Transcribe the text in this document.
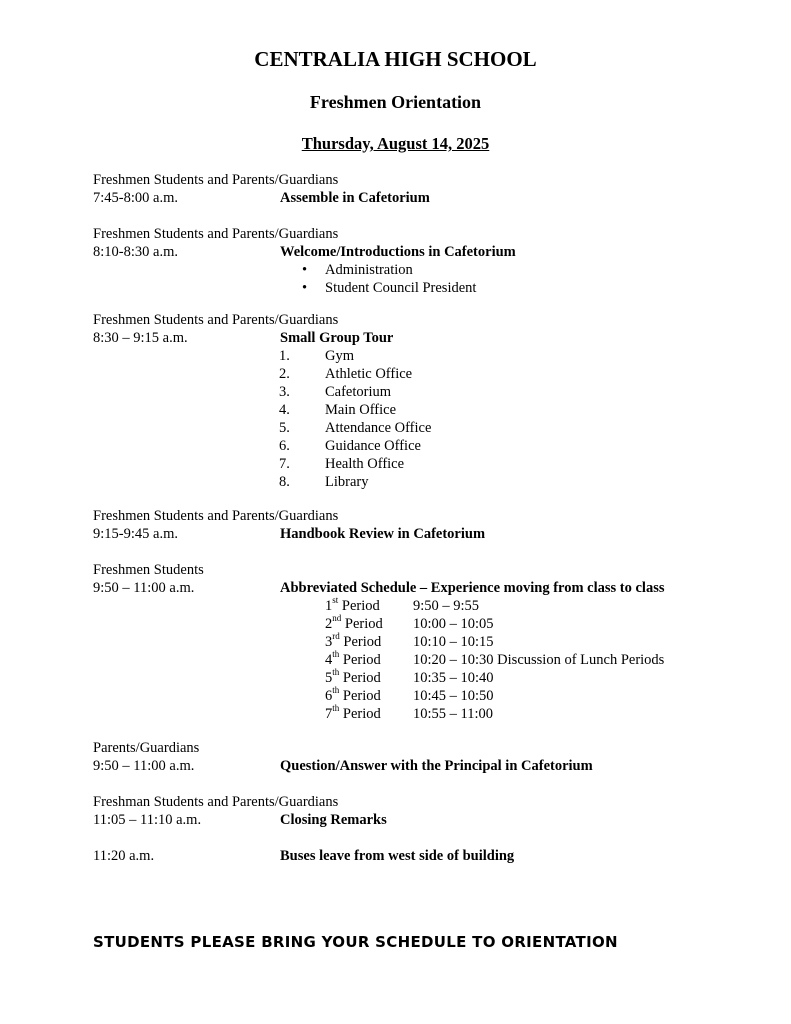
CENTRALIA HIGH SCHOOL
Freshmen Orientation
Thursday, August 14, 2025
Freshmen Students and Parents/Guardians
7:45-8:00 a.m.	Assemble in Cafetorium
Freshmen Students and Parents/Guardians
8:10-8:30 a.m.	Welcome/Introductions in Cafetorium
• Administration
• Student Council President
Freshmen Students and Parents/Guardians
8:30 – 9:15 a.m.	Small Group Tour
1. Gym
2. Athletic Office
3. Cafetorium
4. Main Office
5. Attendance Office
6. Guidance Office
7. Health Office
8. Library
Freshmen Students and Parents/Guardians
9:15-9:45 a.m.	Handbook Review in Cafetorium
Freshmen Students
9:50 – 11:00 a.m.	Abbreviated Schedule – Experience moving from class to class
1st Period 9:50 – 9:55
2nd Period 10:00 – 10:05
3rd Period 10:10 – 10:15
4th Period 10:20 – 10:30 Discussion of Lunch Periods
5th Period 10:35 – 10:40
6th Period 10:45 – 10:50
7th Period 10:55 – 11:00
Parents/Guardians
9:50 – 11:00 a.m.	Question/Answer with the Principal in Cafetorium
Freshman Students and Parents/Guardians
11:05 – 11:10 a.m.	Closing Remarks
11:20 a.m.	Buses leave from west side of building
STUDENTS PLEASE BRING YOUR SCHEDULE TO ORIENTATION
